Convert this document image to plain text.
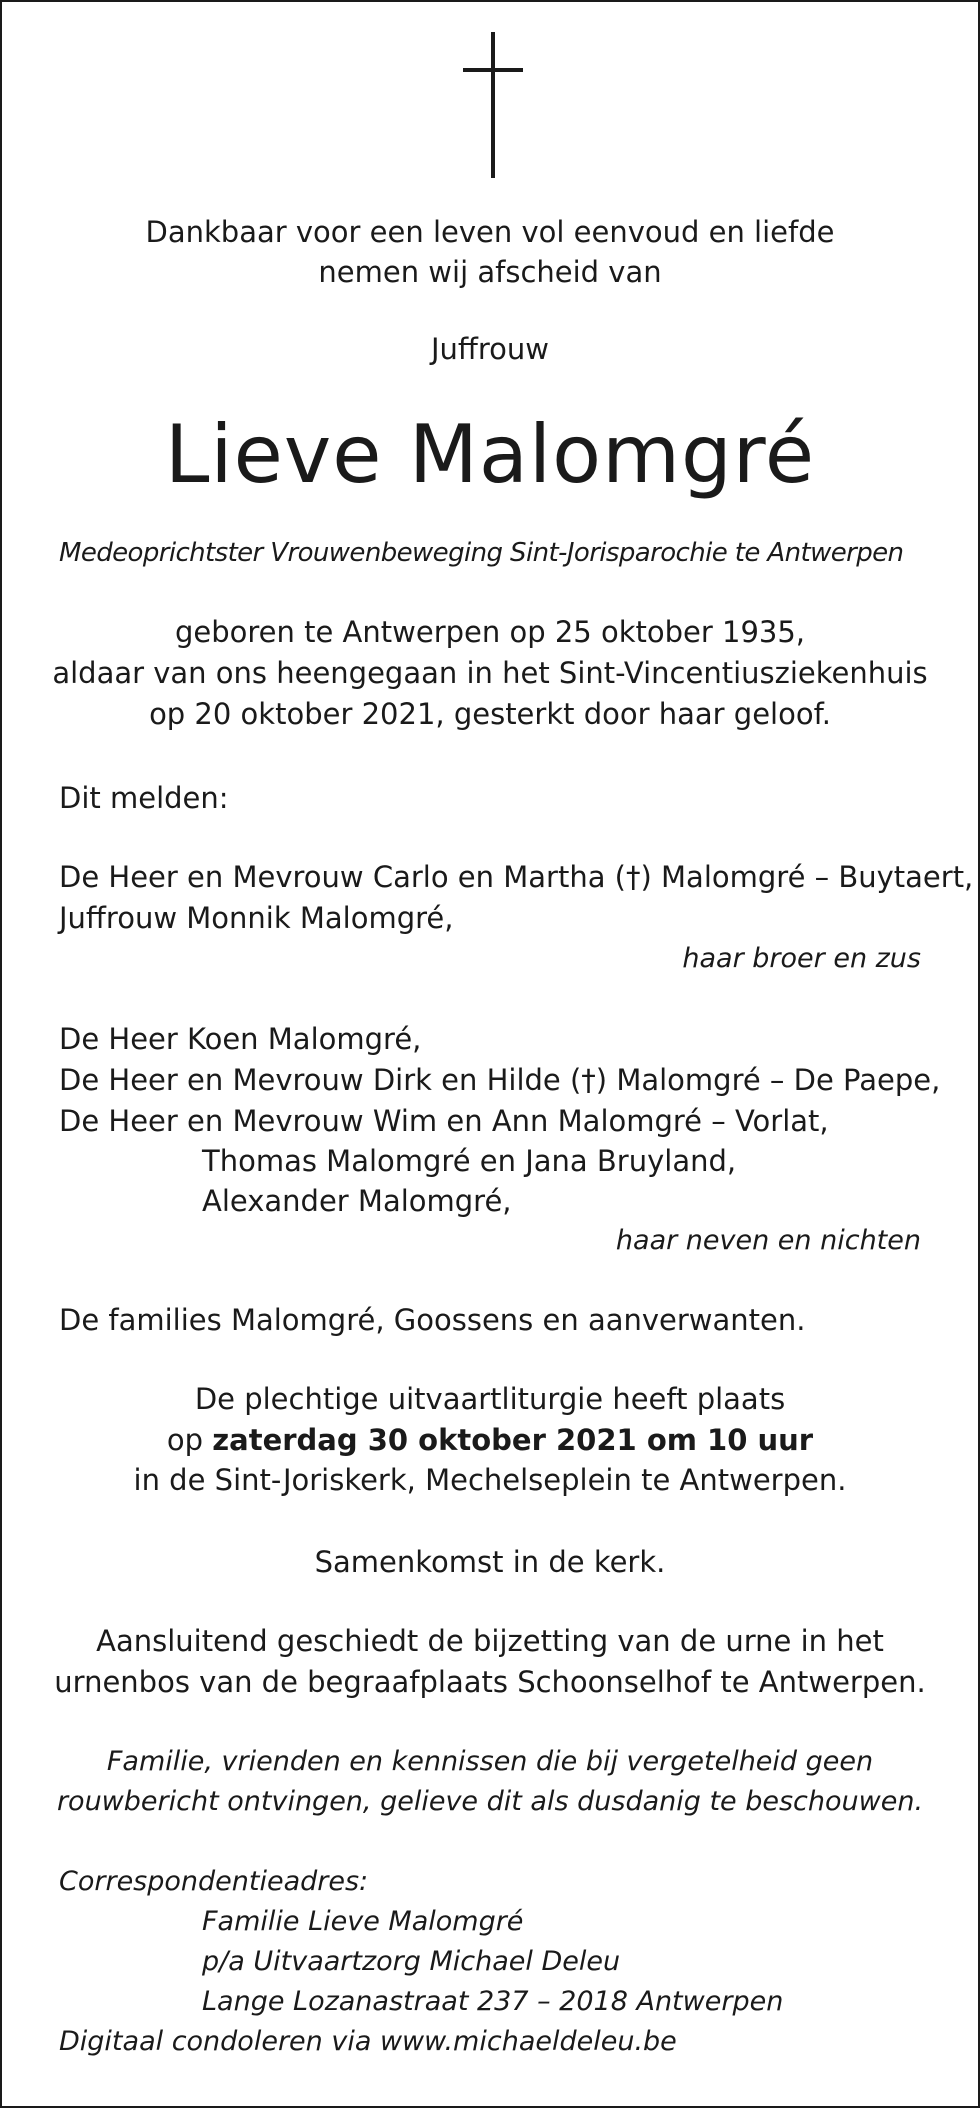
Dankbaar voor een leven vol eenvoud en liefde

nemen wij afscheid van

Juffrouw

Lieve Malomgré

Medeoprichtster Vrouwenbeweging Sint-Jorisparochie te Antwerpen

geboren te Antwerpen op 25 oktober 1935,

aldaar van ons heengegaan in het Sint-Vincentiusziekenhuis

op 20 oktober 2021, gesterkt door haar geloof.

Dit melden:

De Heer en Mevrouw Carlo en Martha (†) Malomgré – Buytaert,

Juffrouw Monnik Malomgré,

haar broer en zus

De Heer Koen Malomgré,

De Heer en Mevrouw Dirk en Hilde (†) Malomgré – De Paepe,

De Heer en Mevrouw Wim en Ann Malomgré – Vorlat,

Thomas Malomgré en Jana Bruyland,

Alexander Malomgré,

haar neven en nichten

De families Malomgré, Goossens en aanverwanten.

De plechtige uitvaartliturgie heeft plaats

op zaterdag 30 oktober 2021 om 10 uur

in de Sint-Joriskerk, Mechelseplein te Antwerpen.

Samenkomst in de kerk.

Aansluitend geschiedt de bijzetting van de urne in het

urnenbos van de begraafplaats Schoonselhof te Antwerpen.

Familie, vrienden en kennissen die bij vergetelheid geen

rouwbericht ontvingen, gelieve dit als dusdanig te beschouwen.

Correspondentieadres:

Familie Lieve Malomgré

p/a Uitvaartzorg Michael Deleu

Lange Lozanastraat 237 – 2018 Antwerpen

Digitaal condoleren via www.michaeldeleu.be
